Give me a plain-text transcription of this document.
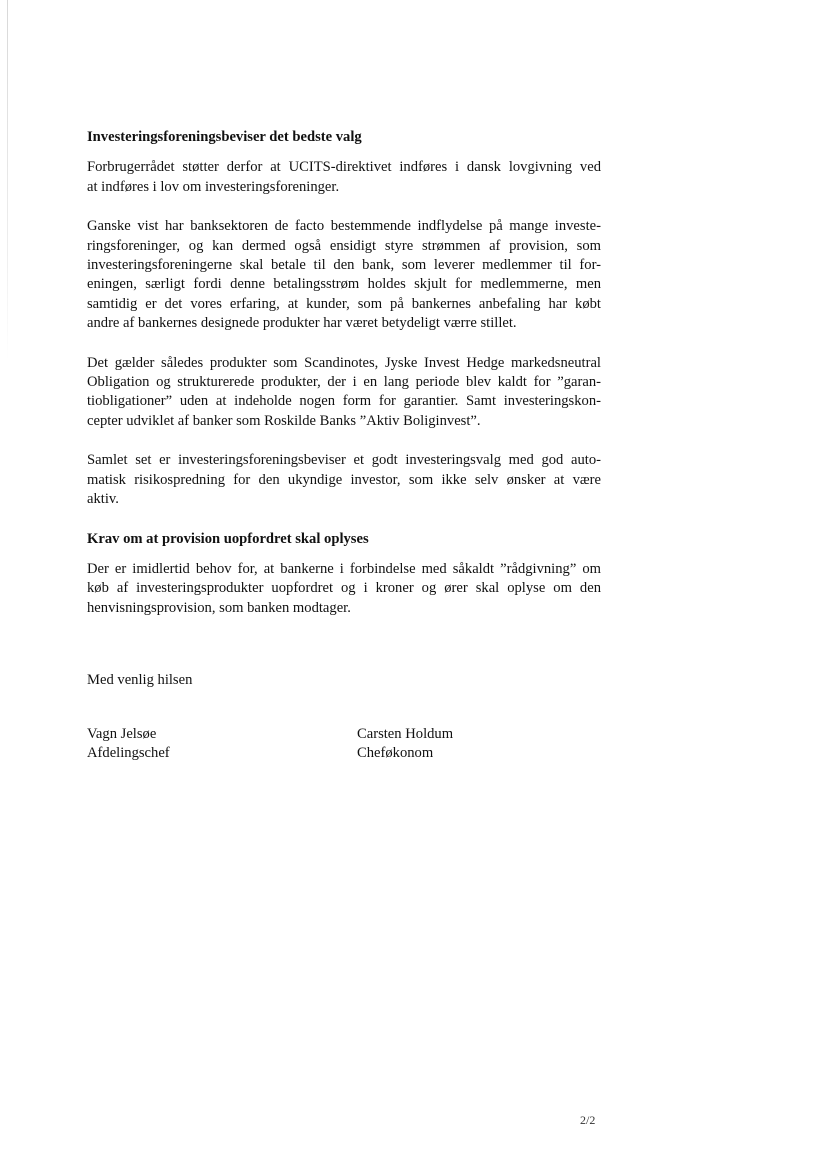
Investeringsforeningsbeviser det bedste valg
Forbrugerrådet støtter derfor at UCITS-direktivet indføres i dansk lovgivning ved
at indføres i lov om investeringsforeninger.
Ganske vist har banksektoren de facto bestemmende indflydelse på mange investe-
ringsforeninger, og kan dermed også ensidigt styre strømmen af provision, som
investeringsforeningerne skal betale til den bank, som leverer medlemmer til for-
eningen, særligt fordi denne betalingsstrøm holdes skjult for medlemmerne, men
samtidig er det vores erfaring, at kunder, som på bankernes anbefaling har købt
andre af bankernes designede produkter har været betydeligt værre stillet.
Det gælder således produkter som Scandinotes, Jyske Invest Hedge markedsneutral
Obligation og strukturerede produkter, der i en lang periode blev kaldt for ”garan-
tiobligationer” uden at indeholde nogen form for garantier. Samt investeringskon-
cepter udviklet af banker som Roskilde Banks ”Aktiv Boliginvest”.
Samlet set er investeringsforeningsbeviser et godt investeringsvalg med god auto-
matisk risikospredning for den ukyndige investor, som ikke selv ønsker at være
aktiv.
Krav om at provision uopfordret skal oplyses
Der er imidlertid behov for, at bankerne i forbindelse med såkaldt ”rådgivning” om
køb af investeringsprodukter uopfordret og i kroner og ører skal oplyse om den
henvisningsprovision, som banken modtager.
Med venlig hilsen
Vagn Jelsøe
Afdelingschef
Carsten Holdum
Cheføkonom
2/2
